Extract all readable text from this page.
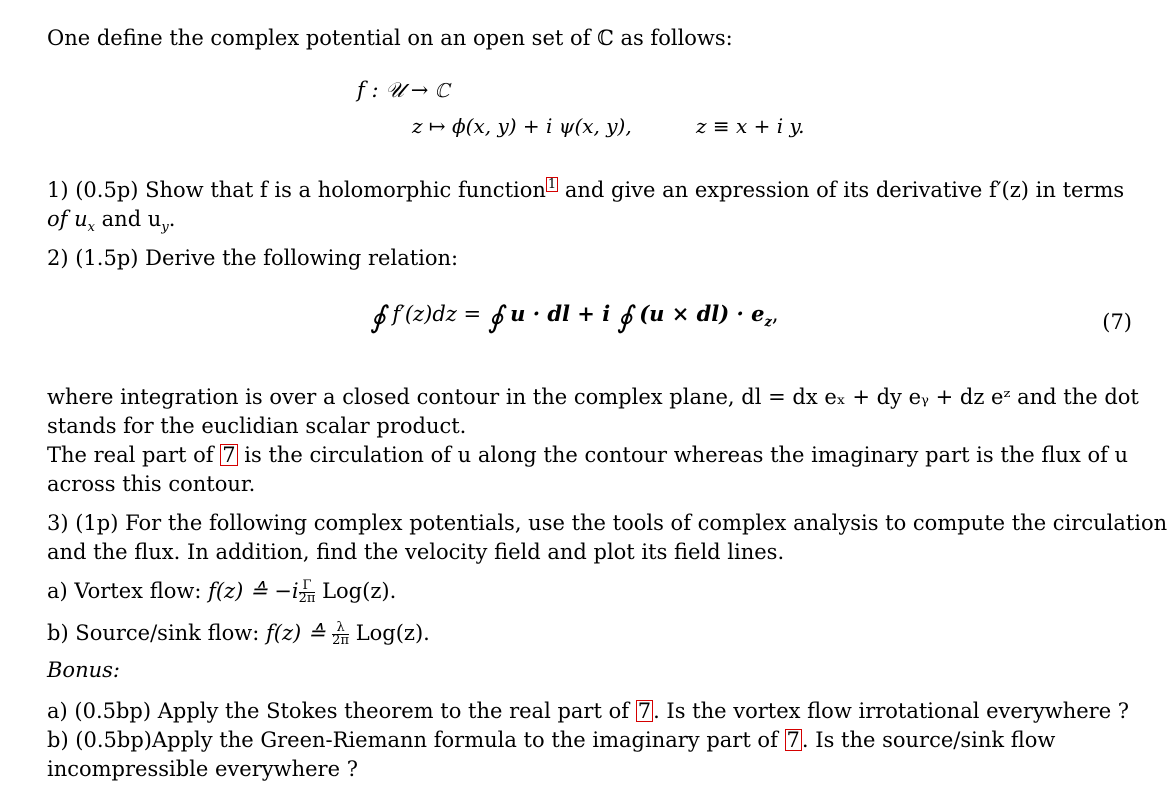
One define the complex potential on an open set of ℂ as follows:
f : 𝒰 → ℂ
z ↦ ϕ(x, y) + i ψ(x, y),	z ≡ x + i y.
1) (0.5p) Show that f is a holomorphic function 1 and give an expression of its derivative f′(z) in terms
of $u_x$ and $u_y$.
2) (1.5p) Derive the following relation:
∮ f′(z)dz = ∮ u · dl + i ∮ $(u \times dl) \cdot e_z$,	(7)
where integration is over a closed contour in the complex plane, dl = dx eₓ + dy eᵧ + dz eᶻ and the dot
stands for the euclidian scalar product.
The real part of 7 is the circulation of u along the contour whereas the imaginary part is the flux of u
across this contour.
3) (1p) For the following complex potentials, use the tools of complex analysis to compute the circulation
and the flux. In addition, find the velocity field and plot its field lines.
a) Vortex flow: f(z) ≙ $-i \frac{\Gamma}{2\pi} Log(z)$.
b) Source/sink flow: f(z) ≙ $\frac{\lambda}{2\pi} Log(z)$.
Bonus:
a) (0.5bp) Apply the Stokes theorem to the real part of 7. Is the vortex flow irrotational everywhere ?
b) (0.5bp)Apply the Green-Riemann formula to the imaginary part of 7. Is the source/sink flow
incompressible everywhere ?
